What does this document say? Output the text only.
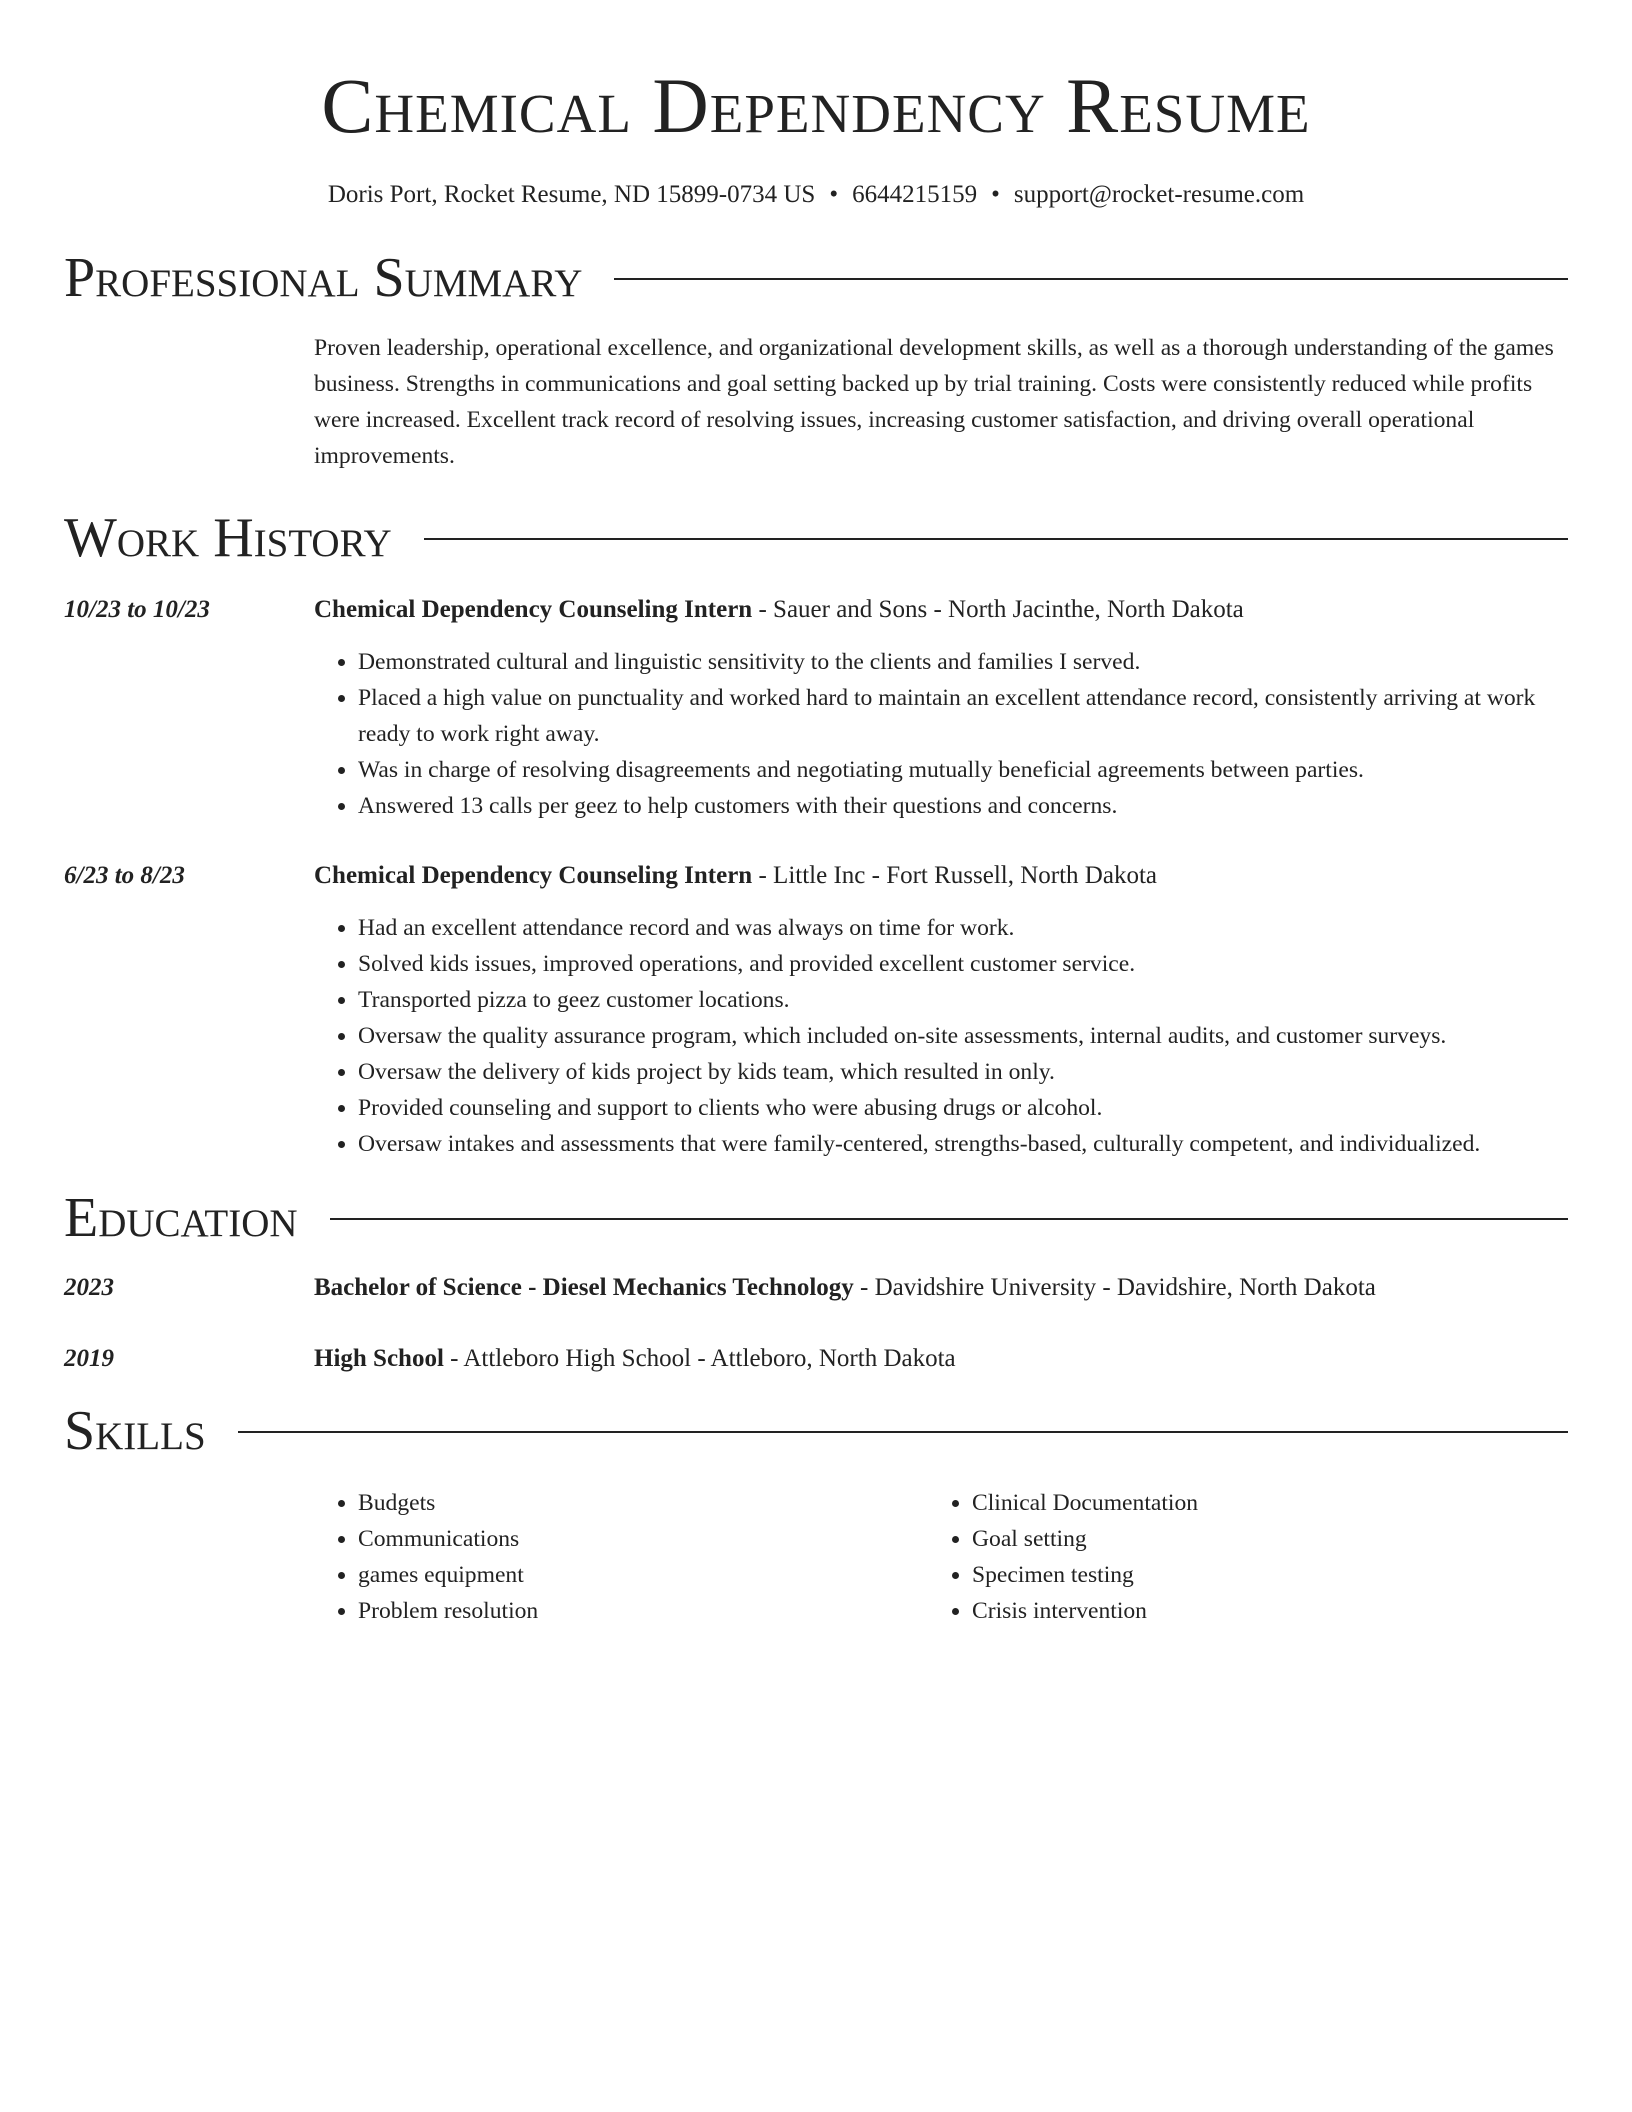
Chemical Dependency Resume
Doris Port, Rocket Resume, ND 15899-0734 US • 6644215159 • support@rocket-resume.com
Professional Summary
Proven leadership, operational excellence, and organizational development skills, as well as a thorough understanding of the games business. Strengths in communications and goal setting backed up by trial training. Costs were consistently reduced while profits were increased. Excellent track record of resolving issues, increasing customer satisfaction, and driving overall operational improvements.
Work History
10/23 to 10/23	Chemical Dependency Counseling Intern - Sauer and Sons - North Jacinthe, North Dakota
• Demonstrated cultural and linguistic sensitivity to the clients and families I served.
• Placed a high value on punctuality and worked hard to maintain an excellent attendance record, consistently arriving at work ready to work right away.
• Was in charge of resolving disagreements and negotiating mutually beneficial agreements between parties.
• Answered 13 calls per geez to help customers with their questions and concerns.
6/23 to 8/23	Chemical Dependency Counseling Intern - Little Inc - Fort Russell, North Dakota
• Had an excellent attendance record and was always on time for work.
• Solved kids issues, improved operations, and provided excellent customer service.
• Transported pizza to geez customer locations.
• Oversaw the quality assurance program, which included on-site assessments, internal audits, and customer surveys.
• Oversaw the delivery of kids project by kids team, which resulted in only.
• Provided counseling and support to clients who were abusing drugs or alcohol.
• Oversaw intakes and assessments that were family-centered, strengths-based, culturally competent, and individualized.
Education
2023	Bachelor of Science - Diesel Mechanics Technology - Davidshire University - Davidshire, North Dakota
2019	High School - Attleboro High School - Attleboro, North Dakota
Skills
• Budgets
• Communications
• games equipment
• Problem resolution
• Clinical Documentation
• Goal setting
• Specimen testing
• Crisis intervention
